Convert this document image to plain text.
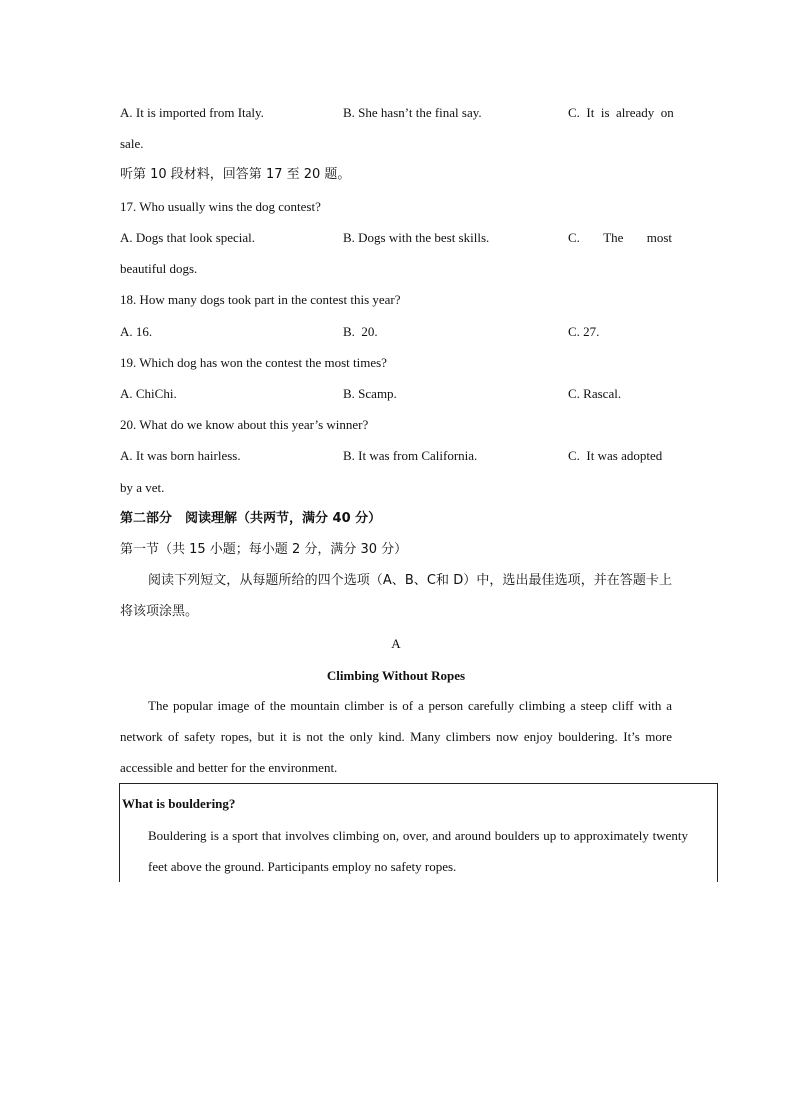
A. It is imported from Italy.	B. She hasn’t the final say.	C.  It  is  already  on
sale.
听第 10 段材料，回答第 17 至 20 题。
17. Who usually wins the dog contest?
A. Dogs that look special.	B. Dogs with the best skills.	C. The most
beautiful dogs.
18. How many dogs took part in the contest this year?
A. 16.	B.  20.	C. 27.
19. Which dog has won the contest the most times?
A. ChiChi.	B. Scamp.	C. Rascal.
20. What do we know about this year’s winner?
A. It was born hairless.	B. It was from California.	C.  It was adopted
by a vet.
第二部分　阅读理解（共两节，满分 40 分）
第一节（共 15 小题；每小题 2 分，满分 30 分）
阅读下列短文，从每题所给的四个选项（A、B、C和 D）中，选出最佳选项，并在答题卡上将该项涂黑。
A
Climbing Without Ropes
The popular image of the mountain climber is of a person carefully climbing a steep cliff with a network of safety ropes, but it is not the only kind. Many climbers now enjoy bouldering. It’s more accessible and better for the environment.
What is bouldering?
Bouldering is a sport that involves climbing on, over, and around boulders up to approximately twenty feet above the ground. Participants employ no safety ropes.
